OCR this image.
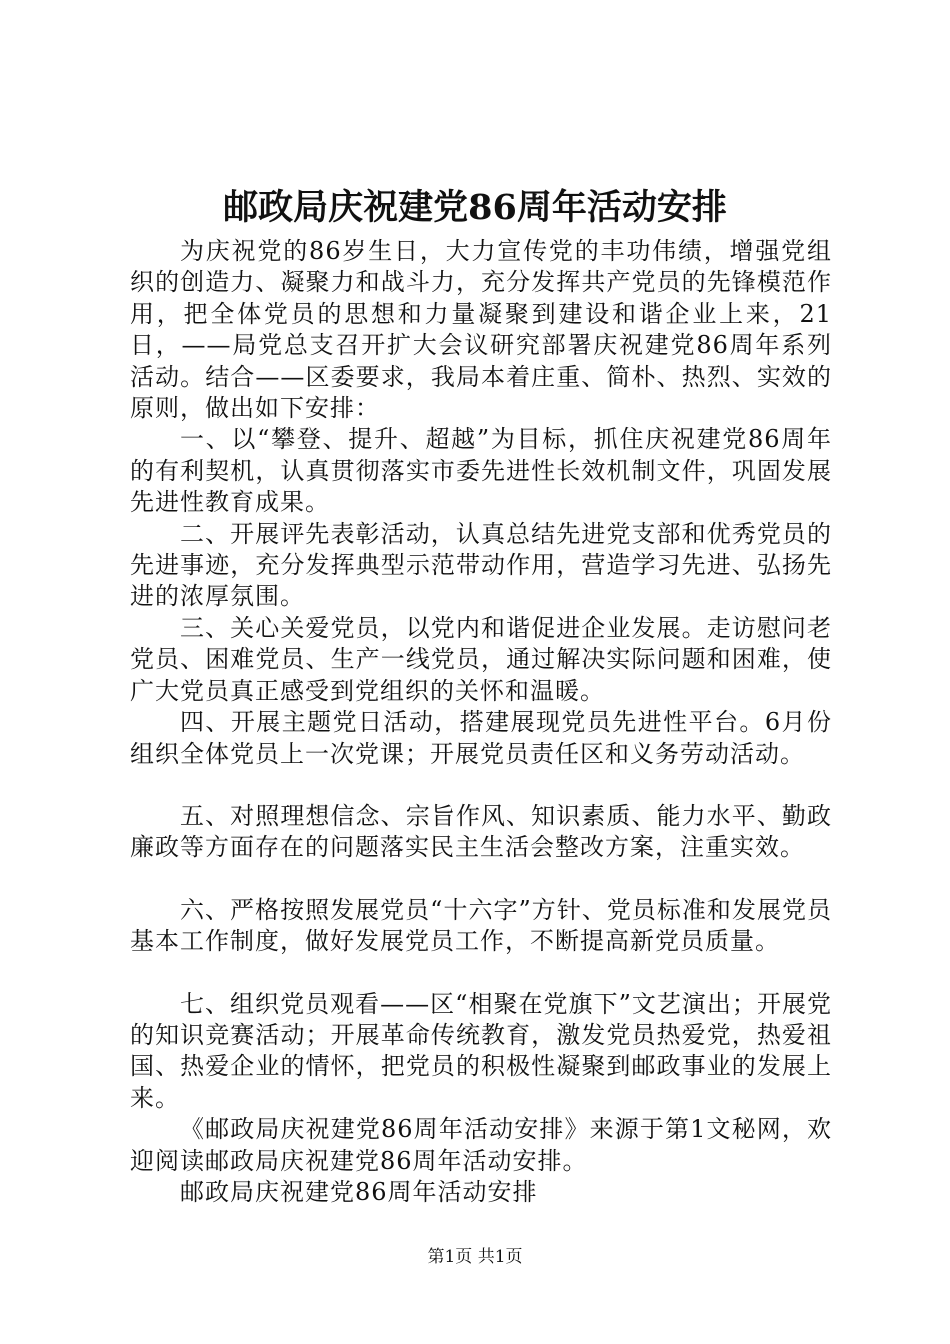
邮政局庆祝建党86周年活动安排

为庆祝党的86岁生日，大力宣传党的丰功伟绩，增强党组织的创造力、凝聚力和战斗力，充分发挥共产党员的先锋模范作用，把全体党员的思想和力量凝聚到建设和谐企业上来，21日，——局党总支召开扩大会议研究部署庆祝建党86周年系列活动。结合——区委要求，我局本着庄重、简朴、热烈、实效的原则，做出如下安排：

一、以“攀登、提升、超越”为目标，抓住庆祝建党86周年的有利契机，认真贯彻落实市委先进性长效机制文件，巩固发展先进性教育成果。

二、开展评先表彰活动，认真总结先进党支部和优秀党员的先进事迹，充分发挥典型示范带动作用，营造学习先进、弘扬先进的浓厚氛围。

三、关心关爱党员，以党内和谐促进企业发展。走访慰问老党员、困难党员、生产一线党员，通过解决实际问题和困难，使广大党员真正感受到党组织的关怀和温暖。

四、开展主题党日活动，搭建展现党员先进性平台。6月份组织全体党员上一次党课；开展党员责任区和义务劳动活动。

五、对照理想信念、宗旨作风、知识素质、能力水平、勤政廉政等方面存在的问题落实民主生活会整改方案，注重实效。

六、严格按照发展党员“十六字”方针、党员标准和发展党员基本工作制度，做好发展党员工作，不断提高新党员质量。

七、组织党员观看——区“相聚在党旗下”文艺演出；开展党的知识竞赛活动；开展革命传统教育，激发党员热爱党，热爱祖国、热爱企业的情怀，把党员的积极性凝聚到邮政事业的发展上来。

《邮政局庆祝建党86周年活动安排》来源于第1文秘网，欢迎阅读邮政局庆祝建党86周年活动安排。

邮政局庆祝建党86周年活动安排

第1页 共1页
